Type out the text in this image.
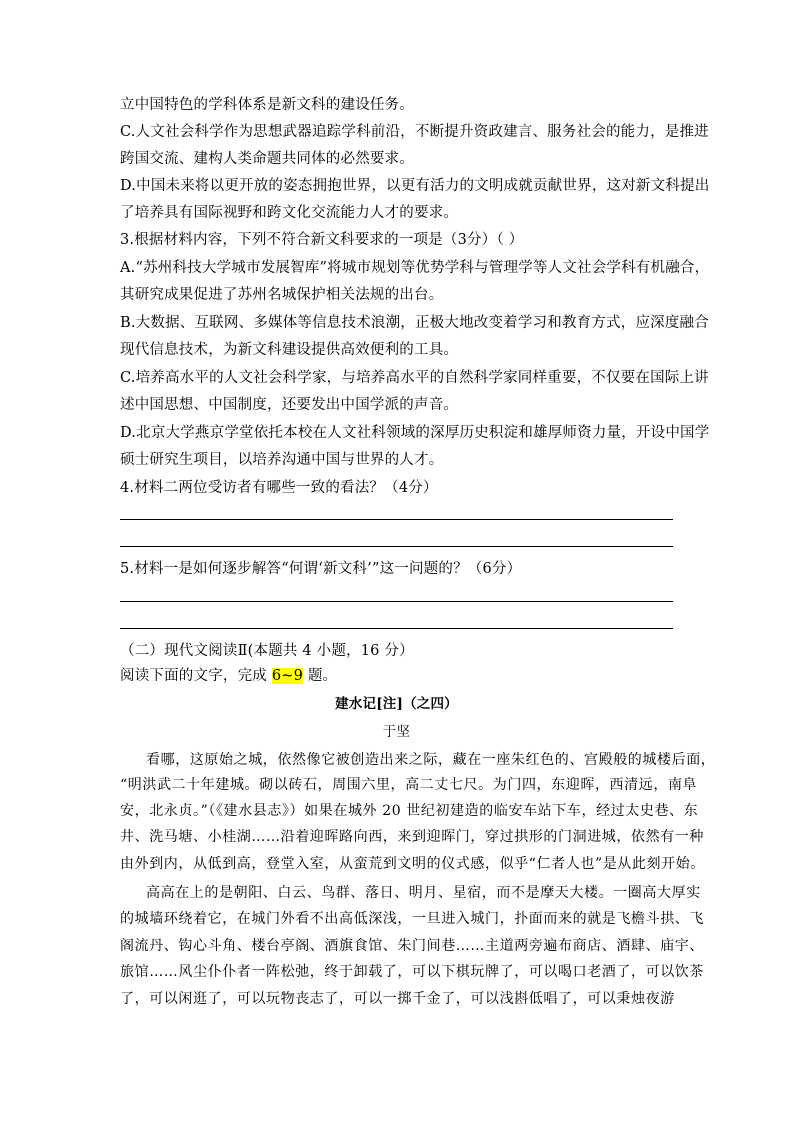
立中国特色的学科体系是新文科的建设任务。
C.人文社会科学作为思想武器追踪学科前沿，不断提升资政建言、服务社会的能力，是推进
跨国交流、建构人类命题共同体的必然要求。
D.中国未来将以更开放的姿态拥抱世界，以更有活力的文明成就贡献世界，这对新文科提出
了培养具有国际视野和跨文化交流能力人才的要求。
3.根据材料内容，下列不符合新文科要求的一项是（3分）（ ）
A.“苏州科技大学城市发展智库”将城市规划等优势学科与管理学等人文社会学科有机融合，
其研究成果促进了苏州名城保护相关法规的出台。
B.大数据、互联网、多媒体等信息技术浪潮，正极大地改变着学习和教育方式，应深度融合
现代信息技术，为新文科建设提供高效便利的工具。
C.培养高水平的人文社会科学家，与培养高水平的自然科学家同样重要，不仅要在国际上讲
述中国思想、中国制度，还要发出中国学派的声音。
D.北京大学燕京学堂依托本校在人文社科领域的深厚历史积淀和雄厚师资力量，开设中国学
硕士研究生项目，以培养沟通中国与世界的人才。
4.材料二两位受访者有哪些一致的看法？（4分）
5.材料一是如何逐步解答“何谓‘新文科’”这一问题的？（6分）
（二）现代文阅读Ⅱ(本题共 4 小题，16 分）
阅读下面的文字，完成 6~9 题。
建水记[注]（之四）
于坚
看哪，这原始之城，依然像它被创造出来之际，藏在一座朱红色的、宫殿般的城楼后面，
“明洪武二十年建城。砌以砖石，周围六里，高二丈七尺。为门四，东迎晖，西清远，南阜
安，北永贞。”（《建水县志》）如果在城外 20 世纪初建造的临安车站下车，经过太史巷、东
井、洗马塘、小桂湖……沿着迎晖路向西，来到迎晖门，穿过拱形的门洞进城，依然有一种
由外到内，从低到高，登堂入室，从蛮荒到文明的仪式感，似乎“仁者人也”是从此刻开始。
高高在上的是朝阳、白云、鸟群、落日、明月、星宿，而不是摩天大楼。一圈高大厚实
的城墙环绕着它，在城门外看不出高低深浅，一旦进入城门，扑面而来的就是飞檐斗拱、飞
阁流丹、钩心斗角、楼台亭阁、酒旗食馆、朱门间巷……主道两旁遍布商店、酒肆、庙宇、
旅馆……风尘仆仆者一阵松弛，终于卸载了，可以下棋玩牌了，可以喝口老酒了，可以饮茶
了，可以闲逛了，可以玩物丧志了，可以一掷千金了，可以浅斟低唱了，可以秉烛夜游
